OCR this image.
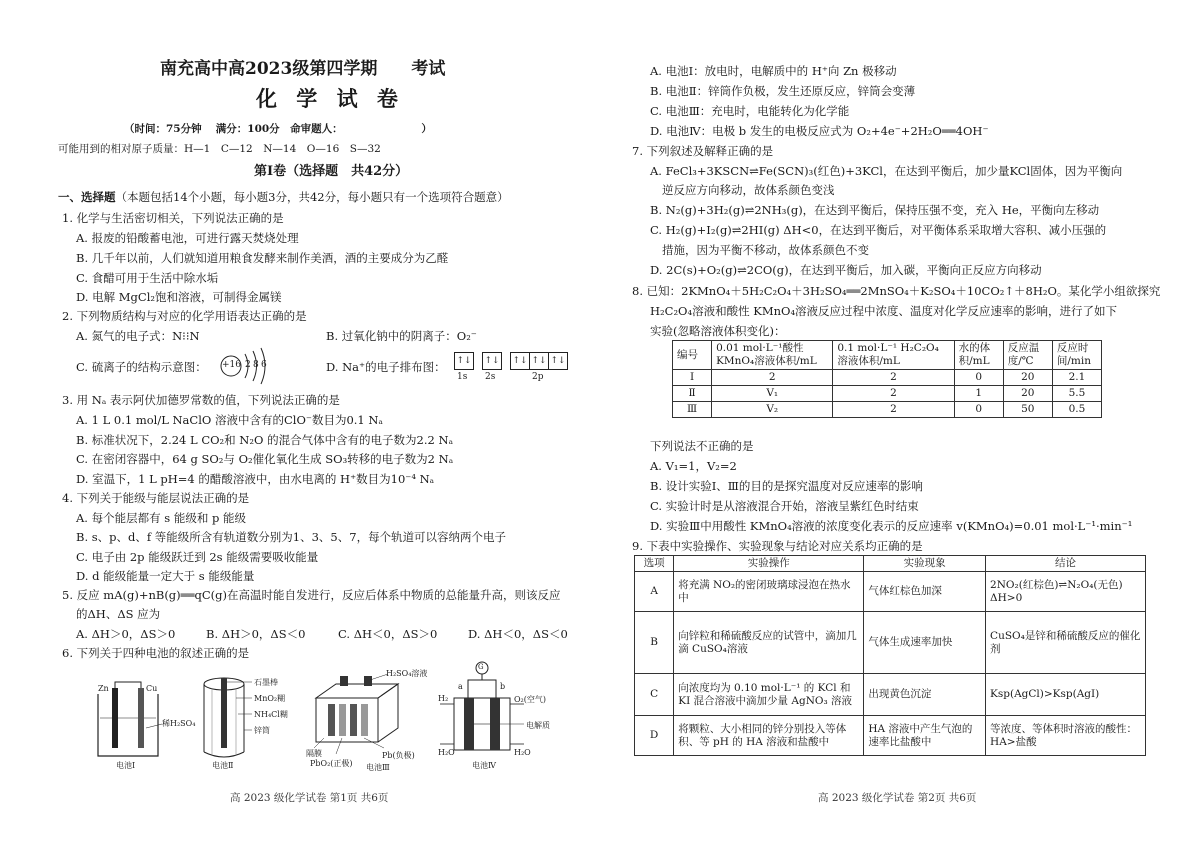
南充高中高2023级第四学期　　考试
化 学 试 卷
（时间：75分钟　 满分：100分　命审题人：　　　　　　　　）
可能用到的相对原子质量：H—1　C—12　N—14　O—16　S—32
第Ⅰ卷（选择题　共42分）
一、选择题（本题包括14个小题，每小题3分，共42分，每小题只有一个选项符合题意）
1. 化学与生活密切相关，下列说法正确的是
A. 报废的铅酸蓄电池，可进行露天焚烧处理
B. 几千年以前，人们就知道用粮食发酵来制作美酒，酒的主要成分为乙醛
C. 食醋可用于生活中除水垢
D. 电解 MgCl₂饱和溶液，可制得金属镁
2. 下列物质结构与对应的化学用语表达正确的是
A. 氮气的电子式：N⁝⁝N	B. 过氧化钠中的阴离子：O₂⁻
C. 硫离子的结构示意图： +16 2 8 6	D. Na⁺的电子排布图： ↑↓ ↑↓ ↑↓ ↑↓ ↑↓
1s 2s	2p
3. 用 Nₐ 表示阿伏加德罗常数的值，下列说法正确的是
A. 1 L 0.1 mol/L NaClO 溶液中含有的ClO⁻数目为0.1 Nₐ
B. 标准状况下，2.24 L CO₂和 N₂O 的混合气体中含有的电子数为2.2 Nₐ
C. 在密闭容器中，64 g SO₂与 O₂催化氧化生成 SO₃转移的电子数为2 Nₐ
D. 室温下，1 L pH=4 的醋酸溶液中，由水电离的 H⁺数目为10⁻⁴ Nₐ
4. 下列关于能级与能层说法正确的是
A. 每个能层都有 s 能级和 p 能级
B. s、p、d、f 等能级所含有轨道数分别为1、3、5、7，每个轨道可以容纳两个电子
C. 电子由 2p 能级跃迁到 2s 能级需要吸收能量
D. d 能级能量一定大于 s 能级能量
5. 反应 mA(g)+nB(g)══qC(g)在高温时能自发进行，反应后体系中物质的总能量升高，则该反应
的ΔH、ΔS 应为
A. ΔH＞0，ΔS＞0	B. ΔH＞0，ΔS＜0	C. ΔH＜0，ΔS＞0	D. ΔH＜0，ΔS＜0
6. 下列关于四种电池的叙述正确的是
Zn	Cu
稀H₂SO₄
电池Ⅰ
石墨棒
MnO₂糊
NH₄Cl糊
锌筒
电池Ⅱ
H₂SO₄溶液
隔膜
PbO₂(正极)
Pb(负极)
电池Ⅲ
G
a	b
H₂	O₂(空气)
电解质
H₂O	H₂O
电池Ⅳ
高 2023 级化学试卷 第1页 共6页
A. 电池Ⅰ：放电时，电解质中的 H⁺向 Zn 极移动
B. 电池Ⅱ：锌筒作负极，发生还原反应，锌筒会变薄
C. 电池Ⅲ：充电时，电能转化为化学能
D. 电池Ⅳ：电极 b 发生的电极反应式为 O₂+4e⁻+2H₂O══4OH⁻
7. 下列叙述及解释正确的是
A. FeCl₃+3KSCN⇌Fe(SCN)₃(红色)+3KCl，在达到平衡后，加少量KCl固体，因为平衡向
逆反应方向移动，故体系颜色变浅
B. N₂(g)+3H₂(g)⇌2NH₃(g)，在达到平衡后，保持压强不变，充入 He，平衡向左移动
C. H₂(g)+I₂(g)⇌2HI(g) ΔH<0，在达到平衡后，对平衡体系采取增大容积、减小压强的
措施，因为平衡不移动，故体系颜色不变
D. 2C(s)+O₂(g)⇌2CO(g)，在达到平衡后，加入碳，平衡向正反应方向移动
8. 已知：2KMnO₄＋5H₂C₂O₄＋3H₂SO₄══2MnSO₄＋K₂SO₄＋10CO₂↑＋8H₂O。某化学小组欲探究
H₂C₂O₄溶液和酸性 KMnO₄溶液反应过程中浓度、温度对化学反应速率的影响，进行了如下
实验(忽略溶液体积变化)：
编号	0.01 mol·L⁻¹酸性 KMnO₄溶液体积/mL	0.1 mol·L⁻¹ H₂C₂O₄ 溶液体积/mL	水的体积/mL	反应温度/℃	反应时间/min
Ⅰ	2	2	0	20	2.1
Ⅱ	V₁	2	1	20	5.5
Ⅲ	V₂	2	0	50	0.5
下列说法不正确的是
A. V₁=1，V₂=2
B. 设计实验Ⅰ、Ⅲ的目的是探究温度对反应速率的影响
C. 实验计时是从溶液混合开始，溶液呈紫红色时结束
D. 实验Ⅲ中用酸性 KMnO₄溶液的浓度变化表示的反应速率 v(KMnO₄)=0.01 mol·L⁻¹·min⁻¹
9. 下表中实验操作、实验现象与结论对应关系均正确的是
选项	实验操作	实验现象	结论
A	将充满 NO₂的密闭玻璃球浸泡在热水中	气体红棕色加深	2NO₂(红棕色)⇌N₂O₄(无色)　ΔH>0
B	向锌粒和稀硫酸反应的试管中，滴加几滴 CuSO₄溶液	气体生成速率加快	CuSO₄是锌和稀硫酸反应的催化剂
C	向浓度均为 0.10 mol·L⁻¹ 的 KCl 和 KI 混合溶液中滴加少量 AgNO₃ 溶液	出现黄色沉淀	Ksp(AgCl)>Ksp(AgI)
D	将颗粒、大小相同的锌分别投入等体积、等 pH 的 HA 溶液和盐酸中	HA 溶液中产生气泡的速率比盐酸中	等浓度、等体积时溶液的酸性：HA>盐酸
高 2023 级化学试卷 第2页 共6页
